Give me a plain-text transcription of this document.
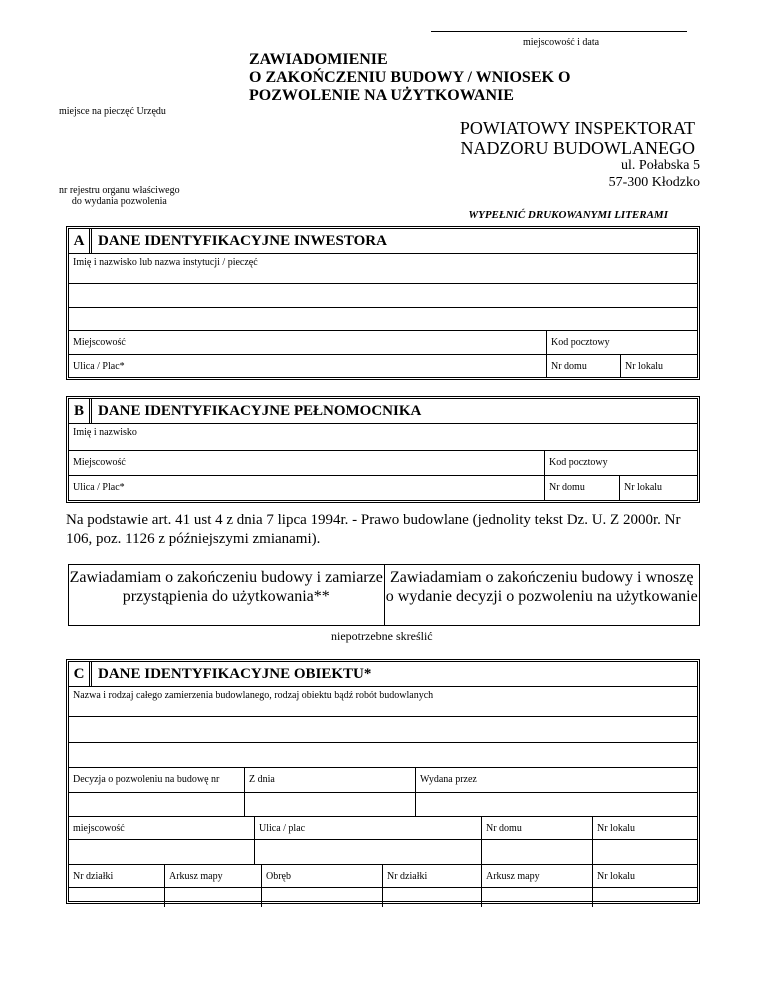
miejscowość i data
ZAWIADOMIENIE
O ZAKOŃCZENIU BUDOWY / WNIOSEK O
POZWOLENIE NA UŻYTKOWANIE
miejsce na pieczęć Urzędu
POWIATOWY INSPEKTORAT
NADZORU BUDOWLANEGO
ul. Połabska 5
57-300 Kłodzko
nr rejestru organu właściwego
do wydania pozwolenia
WYPEŁNIĆ DRUKOWANYMI LITERAMI
A DANE IDENTYFIKACYJNE INWESTORA
Imię i nazwisko lub nazwa instytucji / pieczęć
Miejscowość	Kod pocztowy
Ulica / Plac*	Nr domu	Nr lokalu
B DANE IDENTYFIKACYJNE PEŁNOMOCNIKA
Imię i nazwisko
Miejscowość	Kod pocztowy
Ulica / Plac*	Nr domu	Nr lokalu
Na podstawie art. 41 ust 4 z dnia 7 lipca 1994r. - Prawo budowlane (jednolity tekst Dz. U. Z 2000r. Nr 106, poz. 1126 z późniejszymi zmianami).
Zawiadamiam o zakończeniu budowy i zamiarze przystąpienia do użytkowania**
Zawiadamiam o zakończeniu budowy i wnoszę o wydanie decyzji o pozwoleniu na użytkowanie
niepotrzebne skreślić
C DANE IDENTYFIKACYJNE OBIEKTU*
Nazwa i rodzaj całego zamierzenia budowlanego, rodzaj obiektu bądź robót budowlanych
Decyzja o pozwoleniu na budowę nr	Z dnia	Wydana przez
miejscowość	Ulica / plac	Nr domu	Nr lokalu
Nr działki	Arkusz mapy	Obręb	Nr działki	Arkusz mapy	Nr lokalu
